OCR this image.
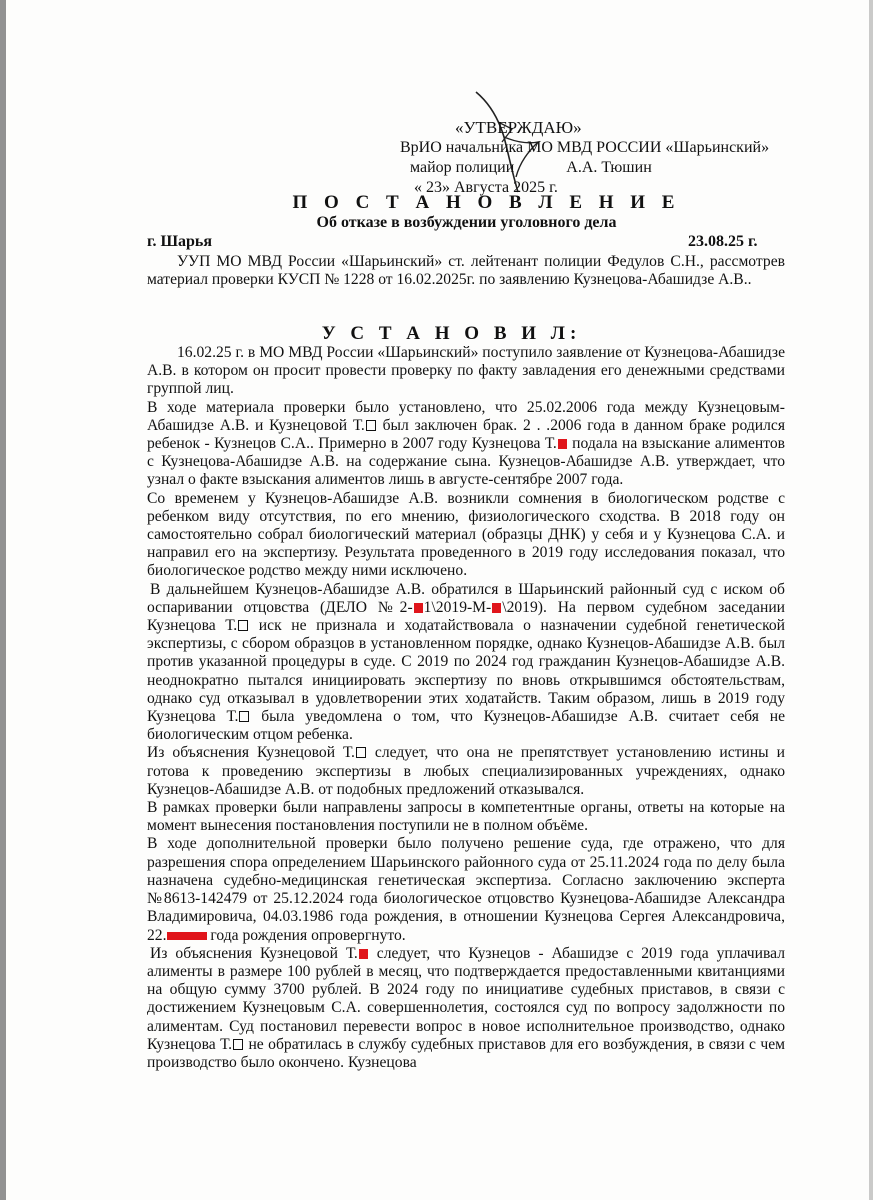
«УТВЕРЖДАЮ»
ВрИО начальника МО МВД РОССИИ «Шарьинский»
майор полиции	А.А. Тюшин
« 23» Августа 2025 г.
П О С Т А Н О В Л Е Н И Е
Об отказе в возбуждении уголовного дела
г. Шарья	23.08.25 г.
УУП МО МВД России «Шарьинский» ст. лейтенант полиции Федулов С.Н., рассмотрев материал проверки КУСП № 1228 от 16.02.2025г. по заявлению Кузнецова-Абашидзе А.В..
У С Т А Н О В И Л:
16.02.25 г. в МО МВД России «Шарьинский» поступило заявление от Кузнецова-Абашидзе А.В. в котором он просит провести проверку по факту завладения его денежными средствами группой лиц.
В ходе материала проверки было установлено, что 25.02.2006 года между Кузнецовым-Абашидзе А.В. и Кузнецовой Т. был заключен брак. 2 . .2006 года в данном браке родился ребенок - Кузнецов С.А.. Примерно в 2007 году Кузнецова Т. подала на взыскание алиментов с Кузнецова-Абашидзе А.В. на содержание сына. Кузнецов-Абашидзе А.В. утверждает, что узнал о факте взыскания алиментов лишь в августе-сентябре 2007 года.
Со временем у Кузнецов-Абашидзе А.В. возникли сомнения в биологическом родстве с ребенком виду отсутствия, по его мнению, физиологического сходства. В 2018 году он самостоятельно собрал биологический материал (образцы ДНК) у себя и у Кузнецова С.А. и направил его на экспертизу. Результата проведенного в 2019 году исследования показал, что биологическое родство между ними исключено.
В дальнейшем Кузнецов-Абашидзе А.В. обратился в Шарьинский районный суд с иском об оспаривании отцовства (ДЕЛО №2- 1\2019-М- \2019). На первом судебном заседании Кузнецова Т. иск не признала и ходатайствовала о назначении судебной генетической экспертизы, с сбором образцов в установленном порядке, однако Кузнецов-Абашидзе А.В. был против указанной процедуры в суде. С 2019 по 2024 год гражданин Кузнецов-Абашидзе А.В. неоднократно пытался инициировать экспертизу по вновь открывшимся обстоятельствам, однако суд отказывал в удовлетворении этих ходатайств. Таким образом, лишь в 2019 году Кузнецова Т. была уведомлена о том, что Кузнецов-Абашидзе А.В. считает себя не биологическим отцом ребенка.
Из объяснения Кузнецовой Т. следует, что она не препятствует установлению истины и готова к проведению экспертизы в любых специализированных учреждениях, однако Кузнецов-Абашидзе А.В. от подобных предложений отказывался.
В рамках проверки были направлены запросы в компетентные органы, ответы на которые на момент вынесения постановления поступили не в полном объёме.
В ходе дополнительной проверки было получено решение суда, где отражено, что для разрешения спора определением Шарьинского районного суда от 25.11.2024 года по делу была назначена судебно-медицинская генетическая экспертиза. Согласно заключению эксперта №8613-142479 от 25.12.2024 года биологическое отцовство Кузнецова-Абашидзе Александра Владимировича, 04.03.1986 года рождения, в отношении Кузнецова Сергея Александровича, 22.	года рождения опровергнуто.
Из объяснения Кузнецовой Т. следует, что Кузнецов - Абашидзе с 2019 года уплачивал алименты в размере 100 рублей в месяц, что подтверждается предоставленными квитанциями на общую сумму 3700 рублей. В 2024 году по инициативе судебных приставов, в связи с достижением Кузнецовым С.А. совершеннолетия, состоялся суд по вопросу задолжности по алиментам. Суд постановил перевести вопрос в новое исполнительное производство, однако Кузнецова Т. не обратилась в службу судебных приставов для его возбуждения, в связи с чем производство было окончено. Кузнецова
